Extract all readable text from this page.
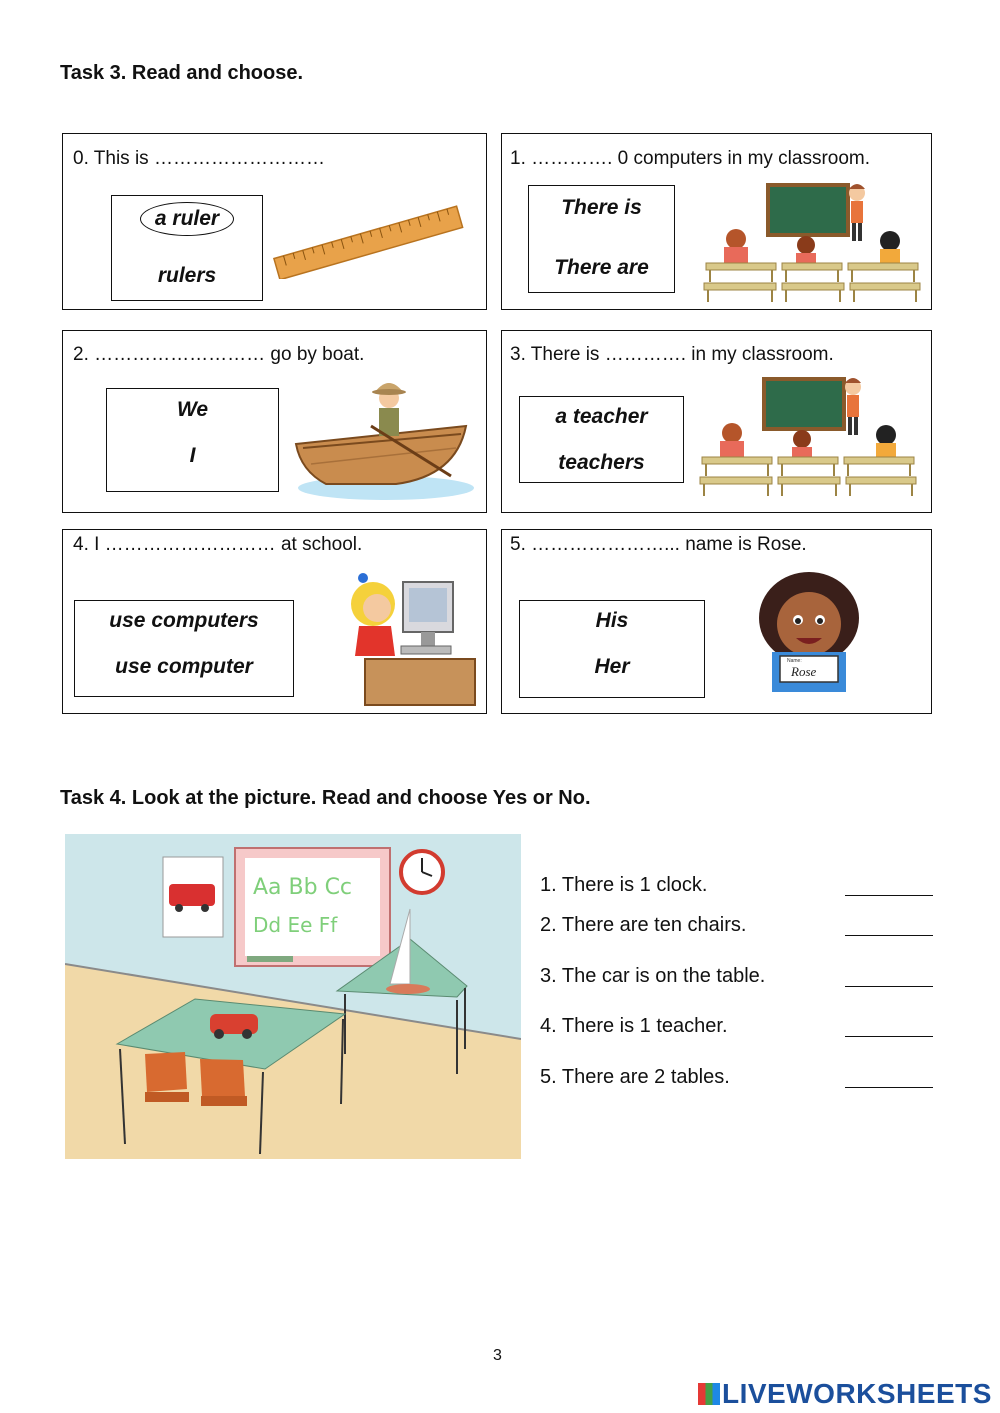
Task 3. Read and choose.
0. This is ………………………
a ruler
rulers
1. …………. 0 computers in my classroom.
There is
There are
2. ……………………… go by boat.
We
I
3. There is …………. in my classroom.
a teacher
teachers
4. I ……………………… at school.
use computers
use computer
5. …………………... name is Rose.
His
Her	Name:
Rose
Task 4. Look at the picture. Read and choose Yes or No.
Aa Bb Cc
Dd Ee Ff
1. There is 1 clock.
2. There are ten chairs.
3. The car is on the table.
4. There is 1 teacher.
5. There are 2 tables.
3
LIVEWORKSHEETS
